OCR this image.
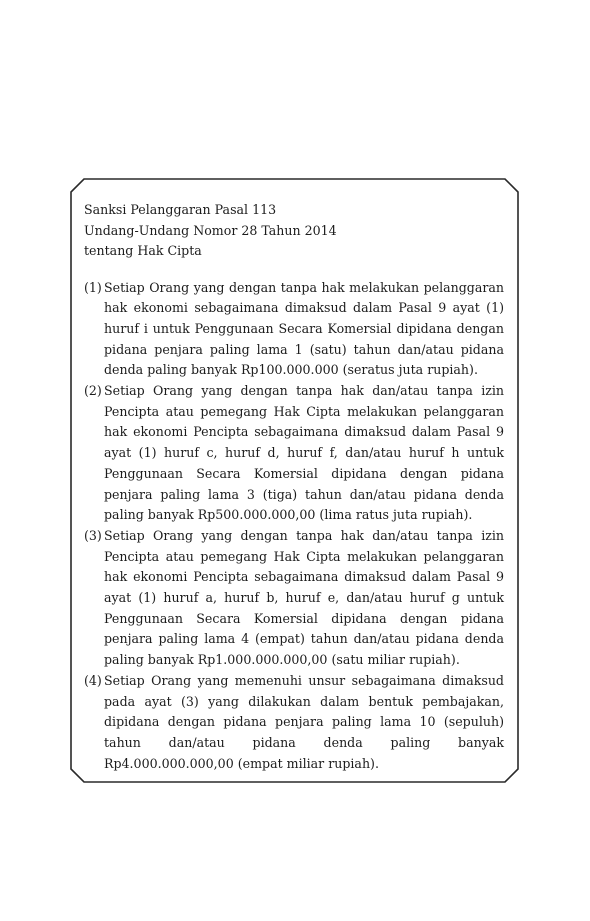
Sanksi Pelanggaran Pasal 113

Undang-Undang Nomor 28 Tahun 2014

tentang Hak Cipta

(1) Setiap Orang yang dengan tanpa hak melakukan pelanggaran hak ekonomi sebagaimana dimaksud dalam Pasal 9 ayat (1) huruf i untuk Penggunaan Secara Komersial dipidana dengan pidana penjara paling lama 1 (satu) tahun dan/atau pidana denda paling banyak Rp100.000.000 (seratus juta rupiah).
(2) Setiap Orang yang dengan tanpa hak dan/atau tanpa izin Pencipta atau pemegang Hak Cipta melakukan pelanggaran hak ekonomi Pencipta sebagaimana dimaksud dalam Pasal 9 ayat (1) huruf c, huruf d, huruf f, dan/atau huruf h untuk Penggunaan Secara Komersial dipidana dengan pidana penjara paling lama 3 (tiga) tahun dan/atau pidana denda paling banyak Rp500.000.000,00 (lima ratus juta rupiah).
(3) Setiap Orang yang dengan tanpa hak dan/atau tanpa izin Pencipta atau pemegang Hak Cipta melakukan pelanggaran hak ekonomi Pencipta sebagaimana dimaksud dalam Pasal 9 ayat (1) huruf a, huruf b, huruf e, dan/atau huruf g untuk Penggunaan Secara Komersial dipidana dengan pidana penjara paling lama 4 (empat) tahun dan/atau pidana denda paling banyak Rp1.000.000.000,00 (satu miliar rupiah).
(4) Setiap Orang yang memenuhi unsur sebagaimana dimaksud pada ayat (3) yang dilakukan dalam bentuk pembajakan, dipidana dengan pidana penjara paling lama 10 (sepuluh) tahun dan/atau pidana denda paling banyak Rp4.000.000.000,00 (empat miliar rupiah).
